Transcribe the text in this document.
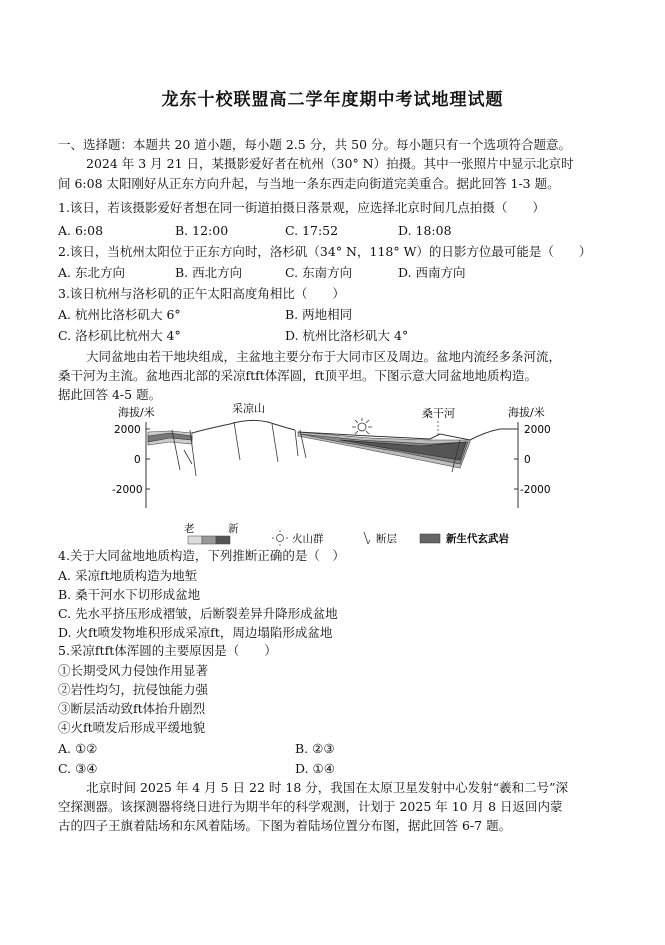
龙东十校联盟高二学年度期中考试地理试题
一、选择题：本题共 20 道小题，每小题 2.5 分，共 50 分。每小题只有一个选项符合题意。
2024 年 3 月 21 日，某摄影爱好者在杭州（30° N）拍摄。其中一张照片中显示北京时
间 6:08 太阳刚好从正东方向升起，与当地一条东西走向街道完美重合。据此回答 1-3 题。
1.该日，若该摄影爱好者想在同一街道拍摄日落景观，应选择北京时间几点拍摄（　　）
A. 6:08	B. 12:00	C. 17:52	D. 18:08
2.该日，当杭州太阳位于正东方向时，洛杉矶（34° N，118° W）的日影方位最可能是（　　）
A. 东北方向	B. 西北方向	C. 东南方向	D. 西南方向
3.该日杭州与洛杉矶的正午太阳高度角相比（　　）
A. 杭州比洛杉矶大 6°	B. 两地相同
C. 洛杉矶比杭州大 4°	D. 杭州比洛杉矶大 4°
大同盆地由若干地块组成，主盆地主要分布于大同市区及周边。盆地内流经多条河流，
桑干河为主流。盆地西北部的采凉ftft体浑圆，ft顶平坦。下图示意大同盆地地质构造。
据此回答 4-5 题。
海拔/米	海拔/米
2000
0
-2000
2000
0
-2000
采凉山	桑干河
老	新
火山群	断层	新生代玄武岩
4.关于大同盆地地质构造，下列推断正确的是（　）
A. 采凉ft地质构造为地堑
B. 桑干河水下切形成盆地
C. 先水平挤压形成褶皱，后断裂差异升降形成盆地
D. 火ft喷发物堆积形成采凉ft，周边塌陷形成盆地
5.采凉ftft体浑圆的主要原因是（　　）
①长期受风力侵蚀作用显著
②岩性均匀，抗侵蚀能力强
③断层活动致ft体抬升剧烈
④火ft喷发后形成平缓地貌
A. ①②	B. ②③
C. ③④	D. ①④
北京时间 2025 年 4 月 5 日 22 时 18 分，我国在太原卫星发射中心发射“羲和二号”深
空探测器。该探测器将绕日进行为期半年的科学观测，计划于 2025 年 10 月 8 日返回内蒙
古的四子王旗着陆场和东风着陆场。下图为着陆场位置分布图，据此回答 6-7 题。
